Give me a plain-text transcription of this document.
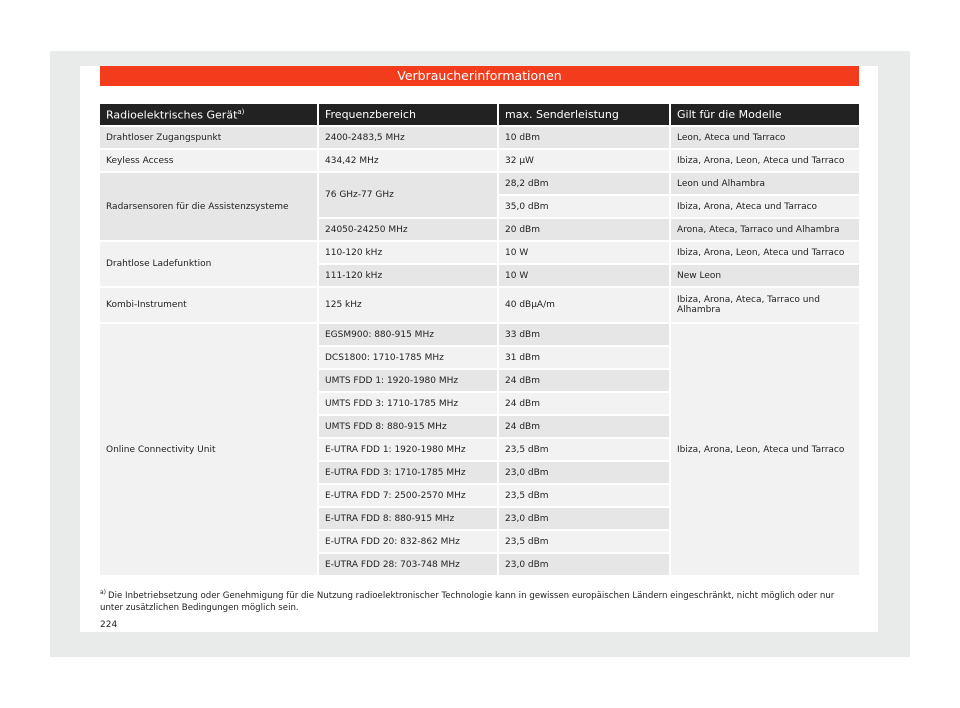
Verbraucherinformationen
Radioelektrisches Gerät$^{a)}$	Frequenzbereich	max. Senderleistung	Gilt für die Modelle
Drahtloser Zugangspunkt	2400-2483,5 MHz	10 dBm	Leon, Ateca und Tarraco
Keyless Access	434,42 MHz	32 µW	Ibiza, Arona, Leon, Ateca und Tarraco
Radarsensoren für die Assistenzsysteme	76 GHz-77 GHz	28,2 dBm	Leon und Alhambra
		35,0 dBm	Ibiza, Arona, Ateca und Tarraco
	24050-24250 MHz	20 dBm	Arona, Ateca, Tarraco und Alhambra
Drahtlose Ladefunktion	110-120 kHz	10 W	Ibiza, Arona, Leon, Ateca und Tarraco
	111-120 kHz	10 W	New Leon
Kombi-Instrument	125 kHz	40 dBµA/m	Ibiza, Arona, Ateca, Tarraco und Alhambra
Online Connectivity Unit	EGSM900: 880-915 MHz	33 dBm	Ibiza, Arona, Leon, Ateca und Tarraco
	DCS1800: 1710-1785 MHz	31 dBm	
	UMTS FDD 1: 1920-1980 MHz	24 dBm	
	UMTS FDD 3: 1710-1785 MHz	24 dBm	
	UMTS FDD 8: 880-915 MHz	24 dBm	
	E-UTRA FDD 1: 1920-1980 MHz	23,5 dBm	
	E-UTRA FDD 3: 1710-1785 MHz	23,0 dBm	
	E-UTRA FDD 7: 2500-2570 MHz	23,5 dBm	
	E-UTRA FDD 8: 880-915 MHz	23,0 dBm	
	E-UTRA FDD 20: 832-862 MHz	23,5 dBm	
	E-UTRA FDD 28: 703-748 MHz	23,0 dBm	
$^{a)}$ Die Inbetriebsetzung oder Genehmigung für die Nutzung radioelektronischer Technologie kann in gewissen europäischen Ländern eingeschränkt, nicht möglich oder nur unter zusätzlichen Bedingungen möglich sein.
224
